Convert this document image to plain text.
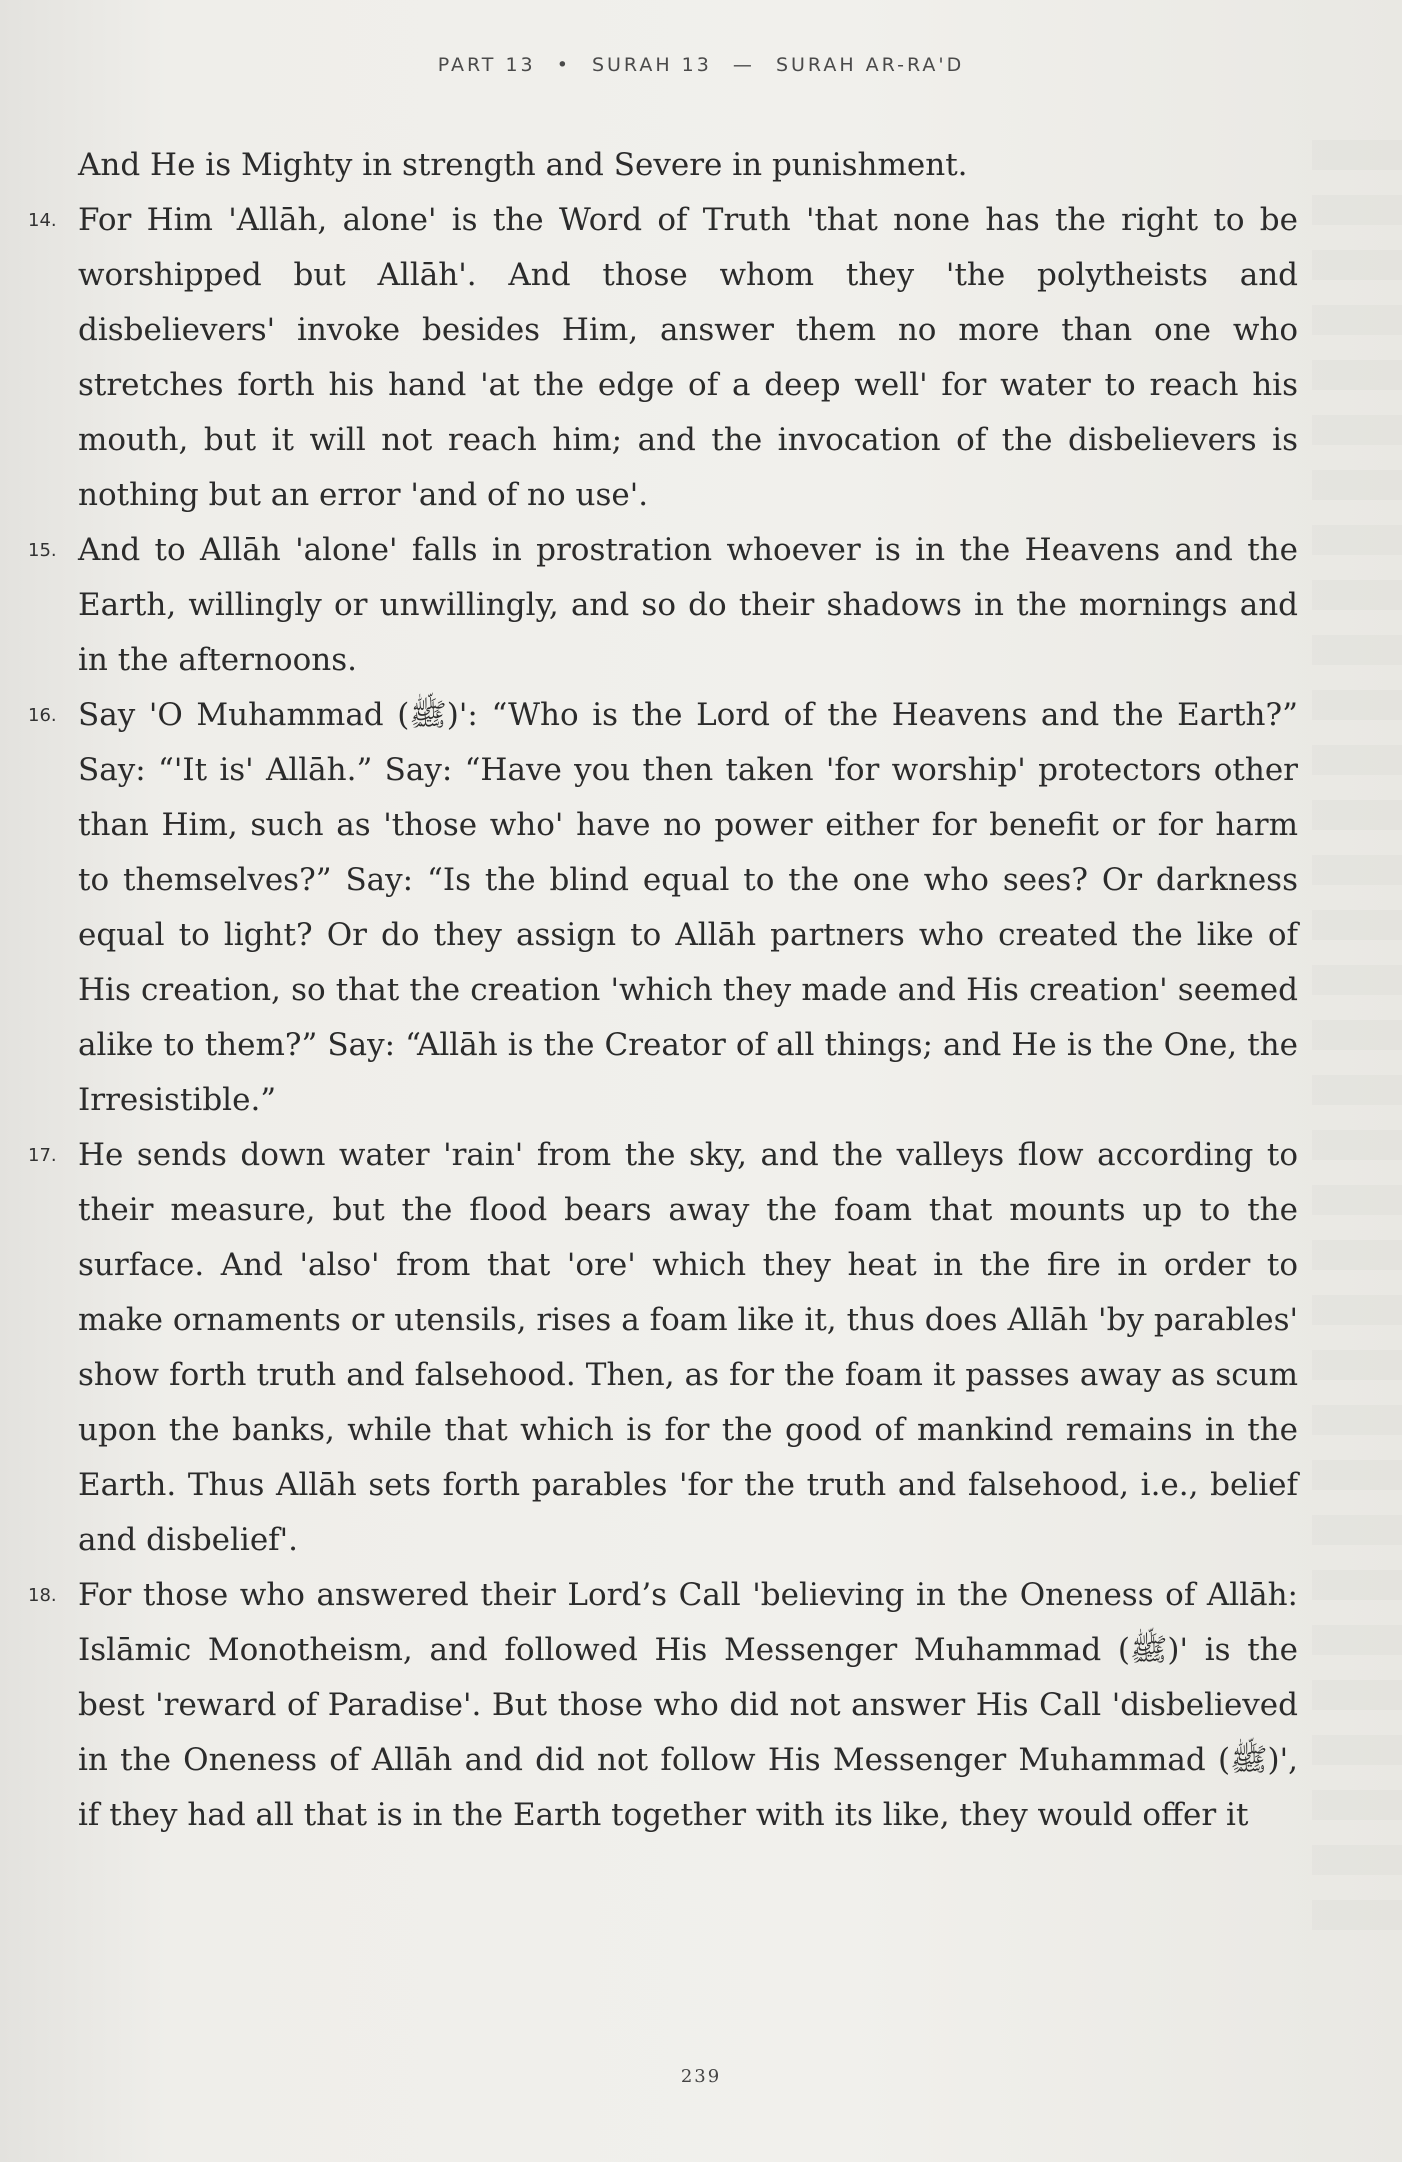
PART 13 • SURAH 13 — SURAH AR-RA'D
And He is Mighty in strength and Severe in punishment.
14. For Him 'Allāh, alone' is the Word of Truth 'that none has the right to be worshipped but Allāh'. And those whom they 'the polytheists and disbelievers' invoke besides Him, answer them no more than one who stretches forth his hand 'at the edge of a deep well' for water to reach his mouth, but it will not reach him; and the invocation of the disbelievers is nothing but an error 'and of no use'.
15. And to Allāh 'alone' falls in prostration whoever is in the Heavens and the Earth, willingly or unwillingly, and so do their shadows in the mornings and in the afternoons.
16. Say 'O Muhammad (ﷺ)': “Who is the Lord of the Heavens and the Earth?” Say: “'It is' Allāh.” Say: “Have you then taken 'for worship' protectors other than Him, such as 'those who' have no power either for benefit or for harm to themselves?” Say: “Is the blind equal to the one who sees? Or darkness equal to light? Or do they assign to Allāh partners who created the like of His creation, so that the creation 'which they made and His creation' seemed alike to them?” Say: “Allāh is the Creator of all things; and He is the One, the Irresistible.”
17. He sends down water 'rain' from the sky, and the valleys flow according to their measure, but the flood bears away the foam that mounts up to the surface. And 'also' from that 'ore' which they heat in the fire in order to make ornaments or utensils, rises a foam like it, thus does Allāh 'by parables' show forth truth and falsehood. Then, as for the foam it passes away as scum upon the banks, while that which is for the good of mankind remains in the Earth. Thus Allāh sets forth parables 'for the truth and falsehood, i.e., belief and disbelief'.
18. For those who answered their Lord’s Call 'believing in the Oneness of Allāh: Islāmic Monotheism, and followed His Messenger Muhammad (ﷺ)' is the best 'reward of Paradise'. But those who did not answer His Call 'disbelieved in the Oneness of Allāh and did not follow His Messenger Muhammad (ﷺ)', if they had all that is in the Earth together with its like, they would offer it
239
